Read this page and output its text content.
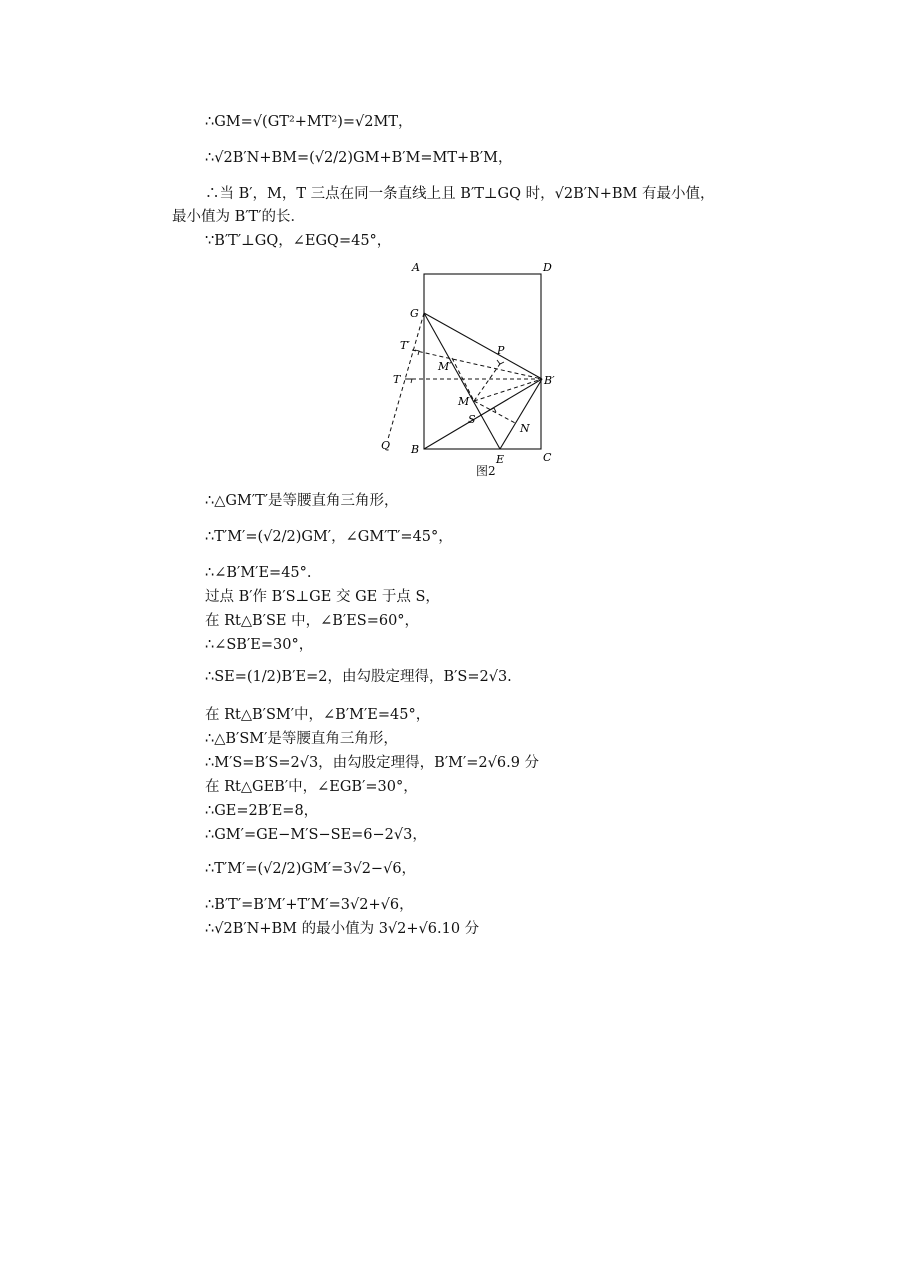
∴GM=√(GT²+MT²)=√2MT，
∴√2B′N+BM=(√2/2)GM+B′M=MT+B′M，
∴当 B′，M，T 三点在同一条直线上且 B′T⊥GQ 时，√2B′N+BM 有最小值，
最小值为 B′T′的长．
∵B′T′⊥GQ，∠EGQ=45°，
A	D
G
T′	P
M′
T	B′
M
S
N
Q B
E	C
图2
∴△GM′T′是等腰直角三角形，
∴T′M′=(√2/2)GM′，∠GM′T′=45°，
∴∠B′M′E=45°.
过点 B′作 B′S⊥GE 交 GE 于点 S，
在 Rt△B′SE 中，∠B′ES=60°，
∴∠SB′E=30°，
∴SE=(1/2)B′E=2，由勾股定理得，B′S=2√3.
在 Rt△B′SM′中，∠B′M′E=45°，
∴△B′SM′是等腰直角三角形，
∴M′S=B′S=2√3，由勾股定理得，B′M′=2√6.9 分
在 Rt△GEB′中，∠EGB′=30°，
∴GE=2B′E=8，
∴GM′=GE−M′S−SE=6−2√3，
∴T′M′=(√2/2)GM′=3√2−√6，
∴B′T′=B′M′+T′M′=3√2+√6，
∴√2B′N+BM 的最小值为 3√2+√6.10 分
